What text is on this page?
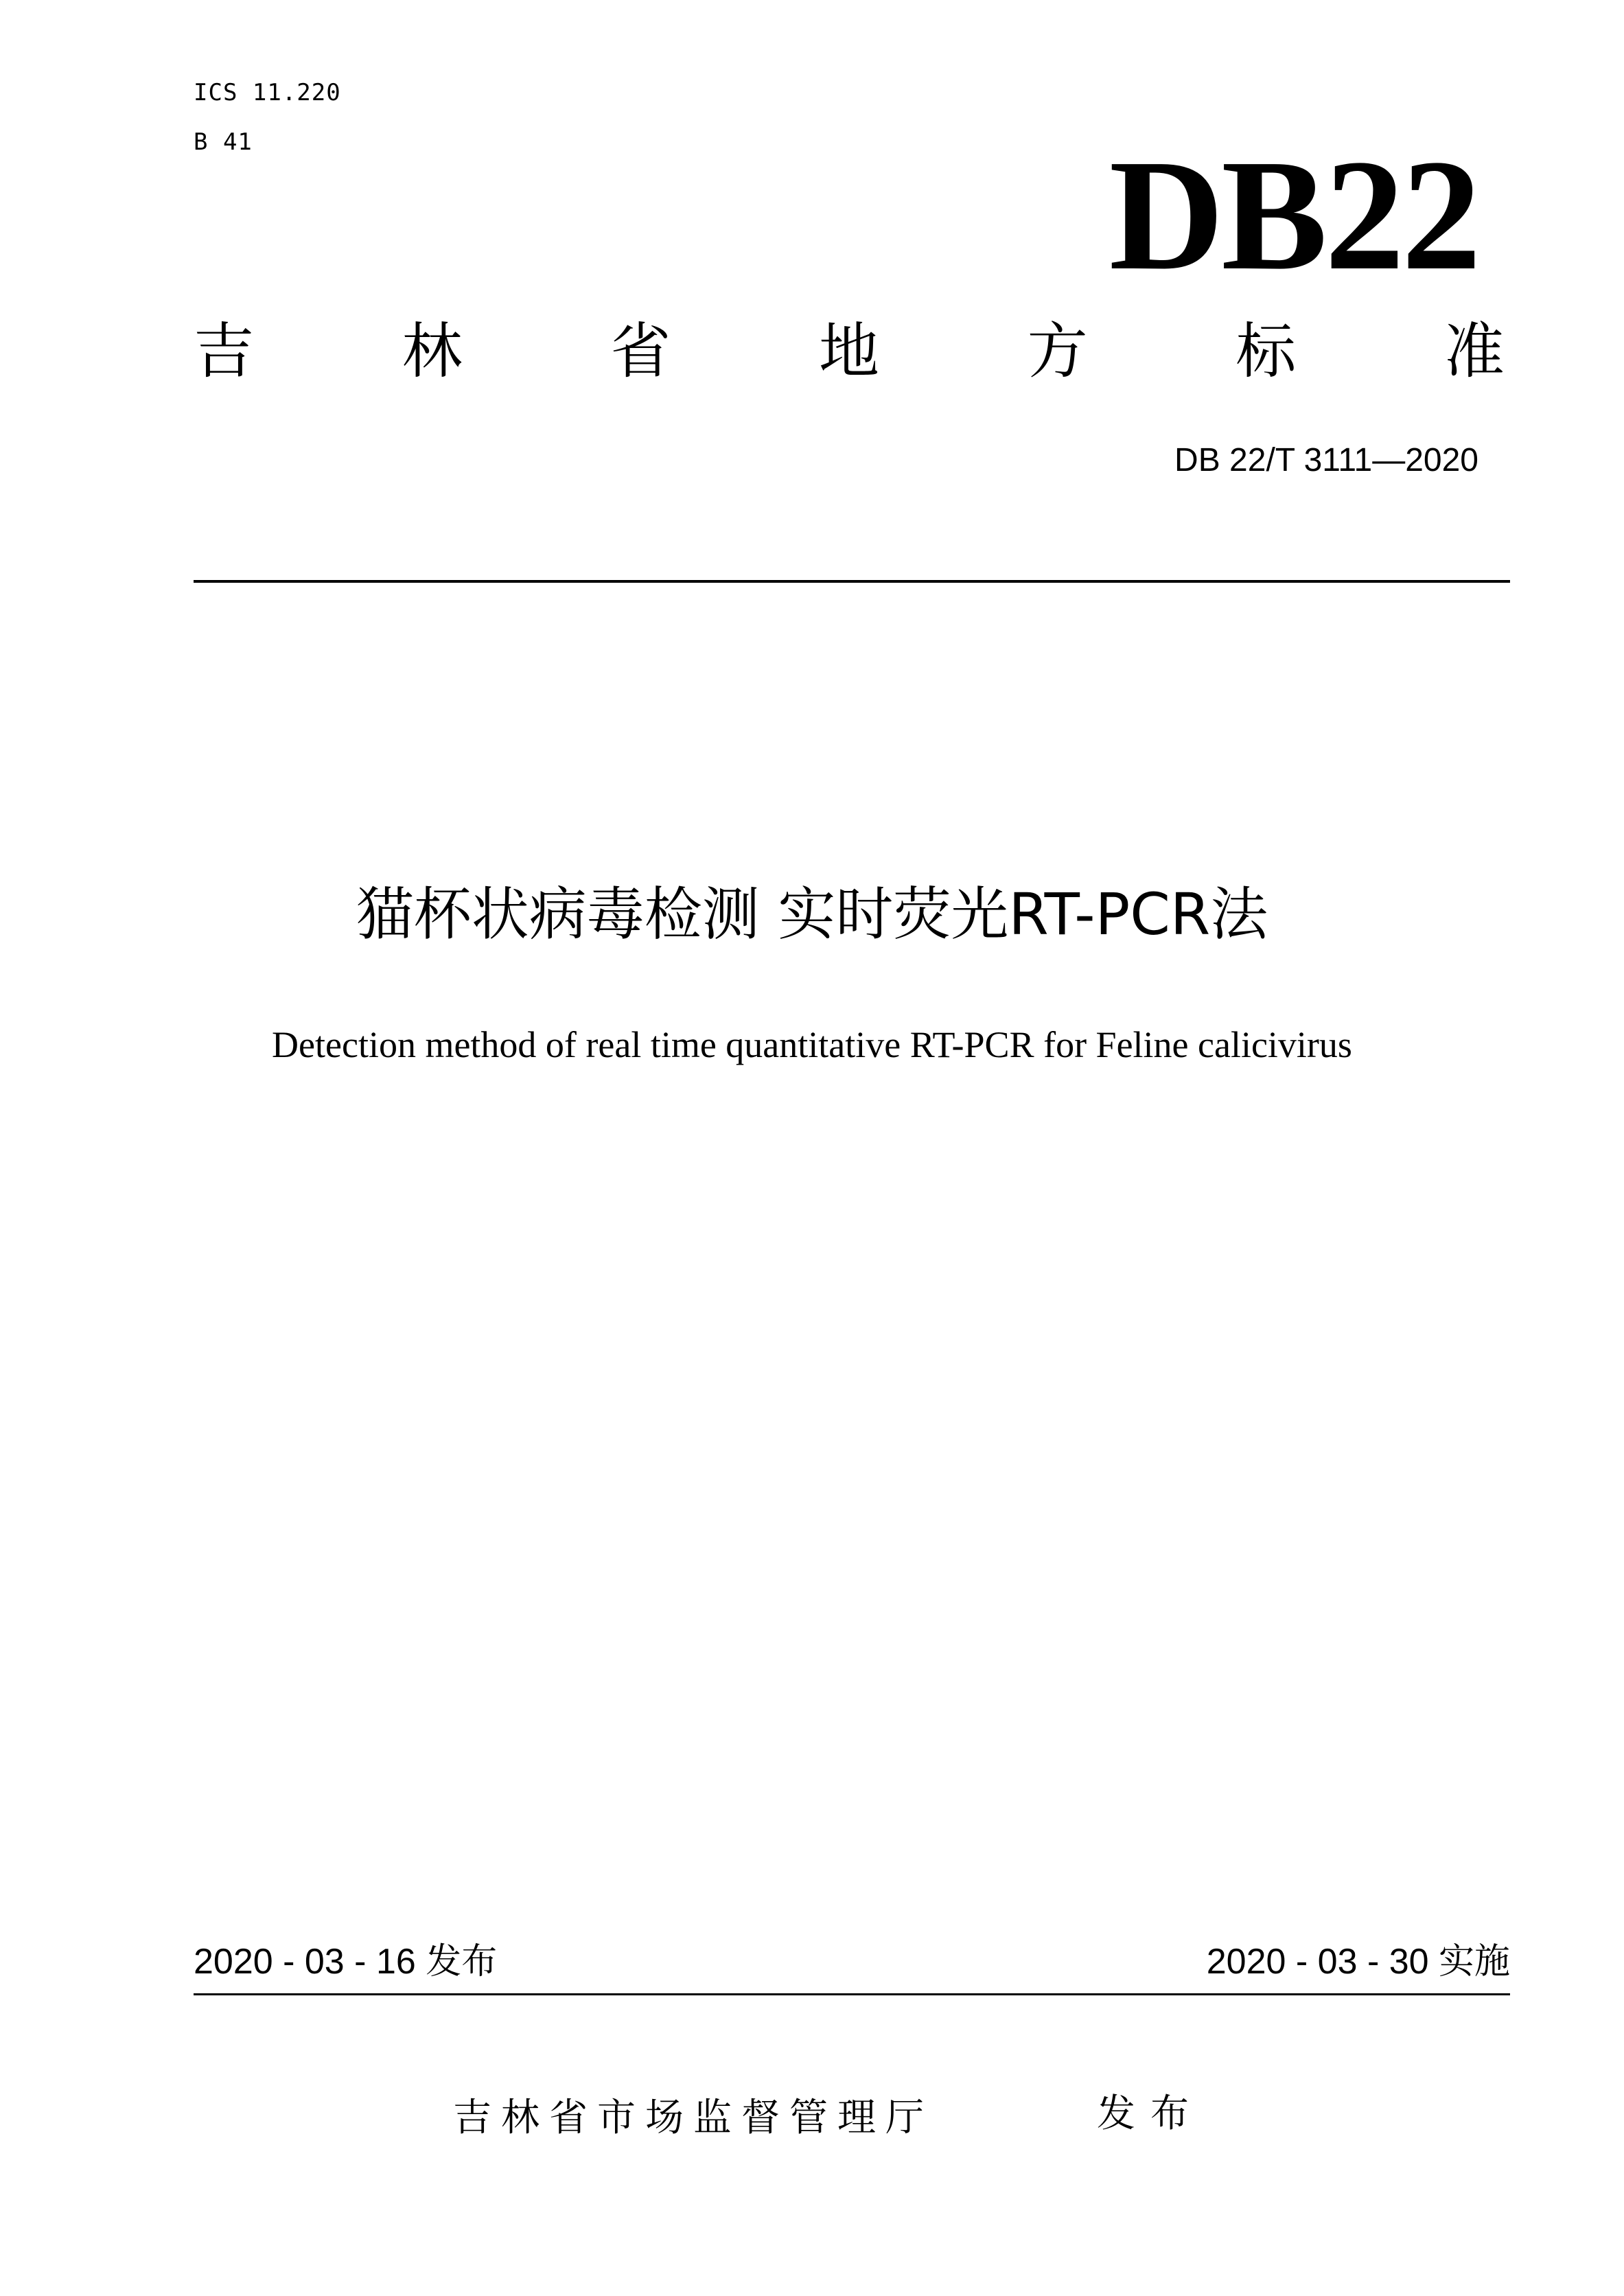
ICS 11.220
B 41	DB22
吉 林 省 地 方 标 准
DB 22/T 3111—2020
猫杯状病毒检测 实时荧光RT-PCR法
Detection method of real time quantitative RT-PCR for Feline calicivirus
2020 - 03 - 16 发布	2020 - 03 - 30 实施
吉林省市场监督管理厅	发布
